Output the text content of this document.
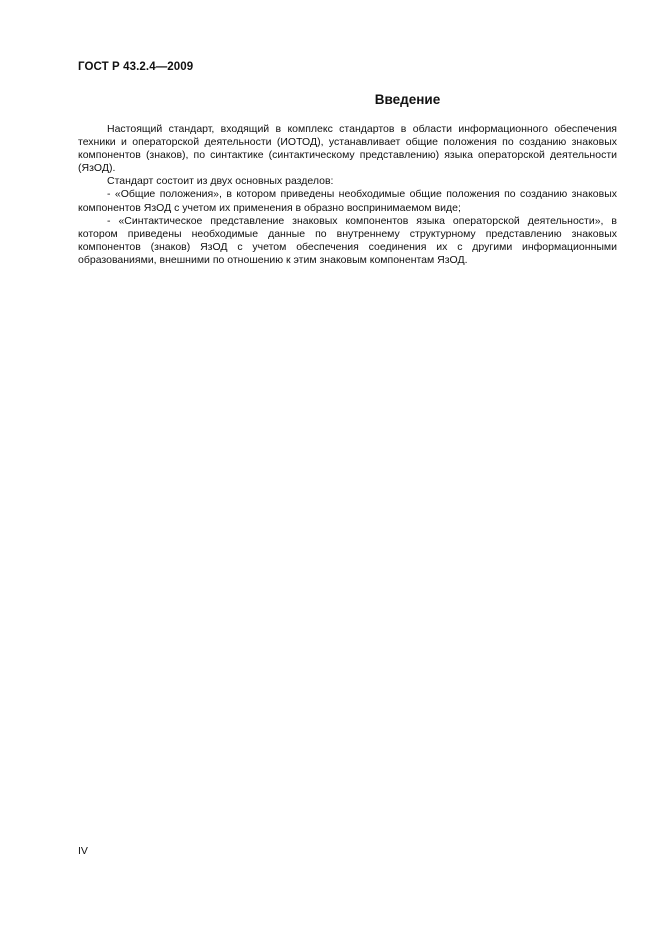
ГОСТ Р 43.2.4—2009
Введение

Настоящий стандарт, входящий в комплекс стандартов в области информационного обеспечения техники и операторской деятельности (ИОТОД), устанавливает общие положения по созданию знаковых компонентов (знаков), по синтактике (синтактическому представлению) языка операторской деятельности (ЯзОД).

Стандарт состоит из двух основных разделов:

- «Общие положения», в котором приведены необходимые общие положения по созданию знаковых компонентов ЯзОД с учетом их применения в образно воспринимаемом виде;

- «Синтактическое представление знаковых компонентов языка операторской деятельности», в котором приведены необходимые данные по внутреннему структурному представлению знаковых компонентов (знаков) ЯзОД с учетом обеспечения соединения их с другими информационными образованиями, внешними по отношению к этим знаковым компонентам ЯзОД.

IV
